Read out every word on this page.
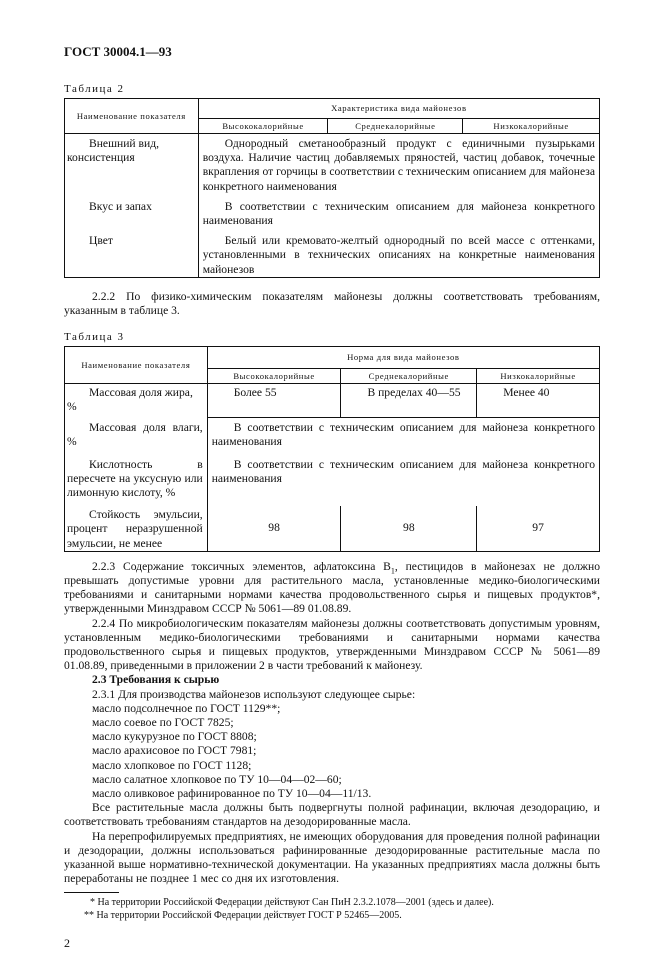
ГОСТ 30004.1—93
Таблица 2
Наименование показателя	Характеристика вида майонезов		
	Высококалорийные	Среднекалорийные	Низкокалорийные
Внешний вид, консистенция	Однородный сметанообразный продукт с единичными пузырьками воздуха. Наличие частиц добавляемых пряностей, частиц добавок, точечные вкрапления от горчицы в соответствии с техническим описанием для майонеза конкретного наименования		
Вкус и запах	В соответствии с техническим описанием для майонеза конкретного наименования		
Цвет	Белый или кремовато-желтый однородный по всей массе с оттенками, установленными в технических описаниях на конкретные наименования майонезов		

2.2.2 По физико-химическим показателям майонезы должны соответствовать требованиям, указанным в таблице 3.

Таблица 3
Наименование показателя	Норма для вида майонезов		
	Высококалорийные	Среднекалорийные	Низкокалорийные
Массовая доля жира, %	Более 55	В пределах 40—55	Менее 40
Массовая доля влаги, %	В соответствии с техническим описанием для майонеза конкретного наименования		
Кислотность в пересчете на уксусную или лимонную кислоту, %	В соответствии с техническим описанием для майонеза конкретного наименования		
Стойкость эмульсии, процент неразрушенной эмульсии, не менее	98	98	97

2.2.3 Содержание токсичных элементов, афлатоксина $B_1$, пестицидов в майонезах не должно превышать допустимые уровни для растительного масла, установленные медико-биологическими требованиями и санитарными нормами качества продовольственного сырья и пищевых продуктов*, утвержденными Минздравом СССР № 5061—89 01.08.89.

2.2.4 По микробиологическим показателям майонезы должны соответствовать допустимым уровням, установленным медико-биологическими требованиями и санитарными нормами качества продовольственного сырья и пищевых продуктов, утвержденными Минздравом СССР № 5061—89 01.08.89, приведенными в приложении 2 в части требований к майонезу.

2.3 Требования к сырью

2.3.1 Для производства майонезов используют следующее сырье:

масло подсолнечное по ГОСТ 1129**;

масло соевое по ГОСТ 7825;

масло кукурузное по ГОСТ 8808;

масло арахисовое по ГОСТ 7981;

масло хлопковое по ГОСТ 1128;

масло салатное хлопковое по ТУ 10—04—02—60;

масло оливковое рафинированное по ТУ 10—04—11/13.

Все растительные масла должны быть подвергнуты полной рафинации, включая дезодорацию, и соответствовать требованиям стандартов на дезодорированные масла.

На перепрофилируемых предприятиях, не имеющих оборудования для проведения полной рафинации и дезодорации, должны использоваться рафинированные дезодорированные растительные масла по указанной выше нормативно-технической документации. На указанных предприятиях масла должны быть переработаны не позднее 1 мес со дня их изготовления.

* На территории Российской Федерации действуют Сан ПиН 2.3.2.1078—2001 (здесь и далее).
** На территории Российской Федерации действует ГОСТ Р 52465—2005.
2
